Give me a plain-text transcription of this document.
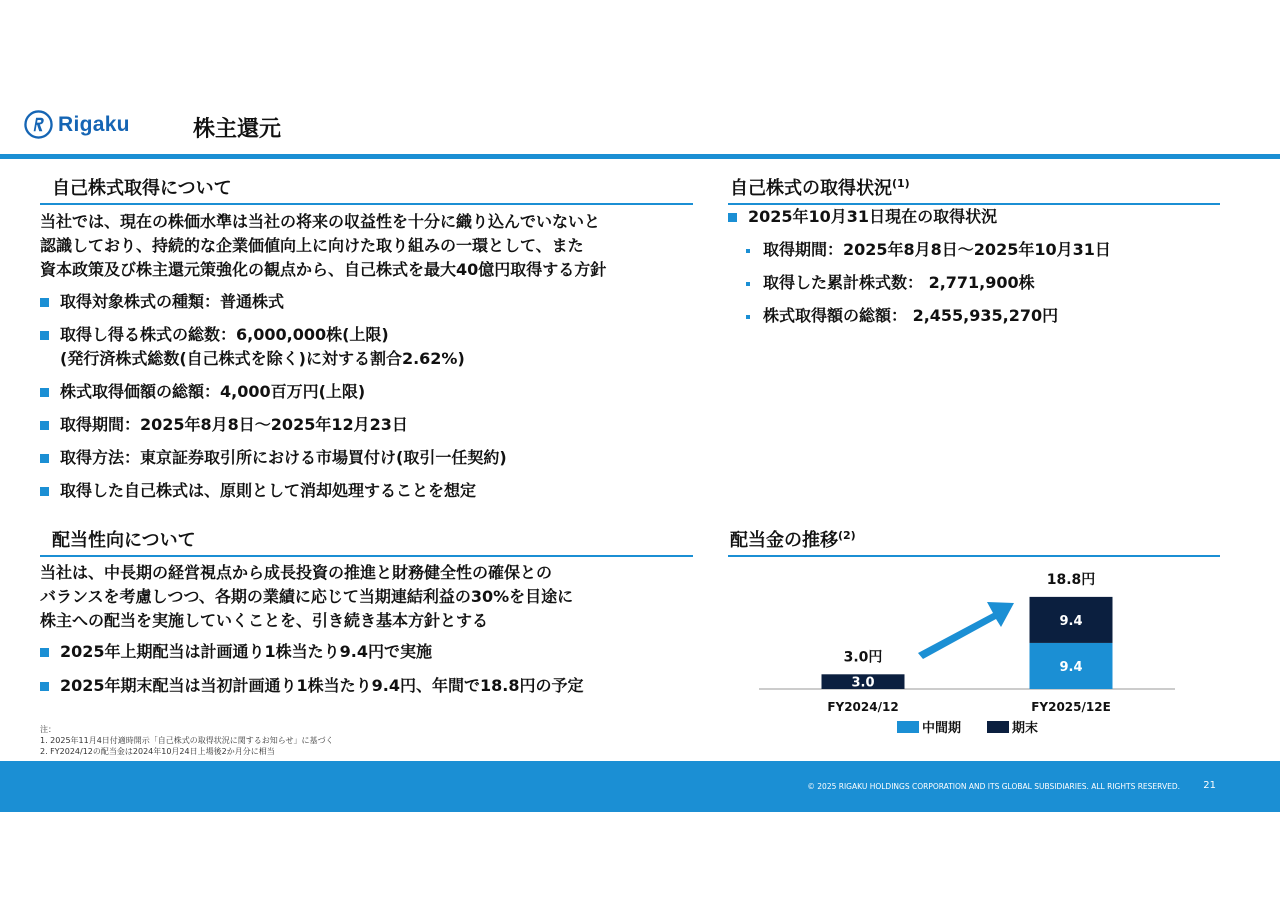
Rigaku	株主還元
自己株式取得について
当社では、現在の株価水準は当社の将来の収益性を十分に織り込んでいないと
認識しており、持続的な企業価値向上に向けた取り組みの一環として、また
資本政策及び株主還元策強化の観点から、自己株式を最大40億円取得する方針
取得対象株式の種類：普通株式
取得し得る株式の総数：6,000,000株(上限)
(発行済株式総数(自己株式を除く)に対する割合2.62%)
株式取得価額の総額：4,000百万円(上限)
取得期間：2025年8月8日～2025年12月23日
取得方法：東京証券取引所における市場買付け(取引一任契約)
取得した自己株式は、原則として消却処理することを想定
自己株式の取得状況$^{(1)}$
2025年10月31日現在の取得状況
取得期間：2025年8月8日～2025年10月31日
取得した累計株式数： 2,771,900株
株式取得額の総額： 2,455,935,270円
配当性向について
当社は、中長期の経営視点から成長投資の推進と財務健全性の確保との
バランスを考慮しつつ、各期の業績に応じて当期連結利益の30%を目途に
株主への配当を実施していくことを、引き続き基本方針とする
2025年上期配当は計画通り1株当たり9.4円で実施
2025年期末配当は当初計画通り1株当たり9.4円、年間で18.8円の予定
配当金の推移$^{(2)}$
3.0
3.0円
FY2024/12
9.4
9.4
18.8円
FY2025/12E
中間期	期末
注：
1. 2025年11月4日付適時開示「自己株式の取得状況に関するお知らせ」に基づく
2. FY2024/12の配当金は2024年10月24日上場後2か月分に相当
© 2025 RIGAKU HOLDINGS CORPORATION AND ITS GLOBAL SUBSIDIARIES. ALL RIGHTS RESERVED. 21
